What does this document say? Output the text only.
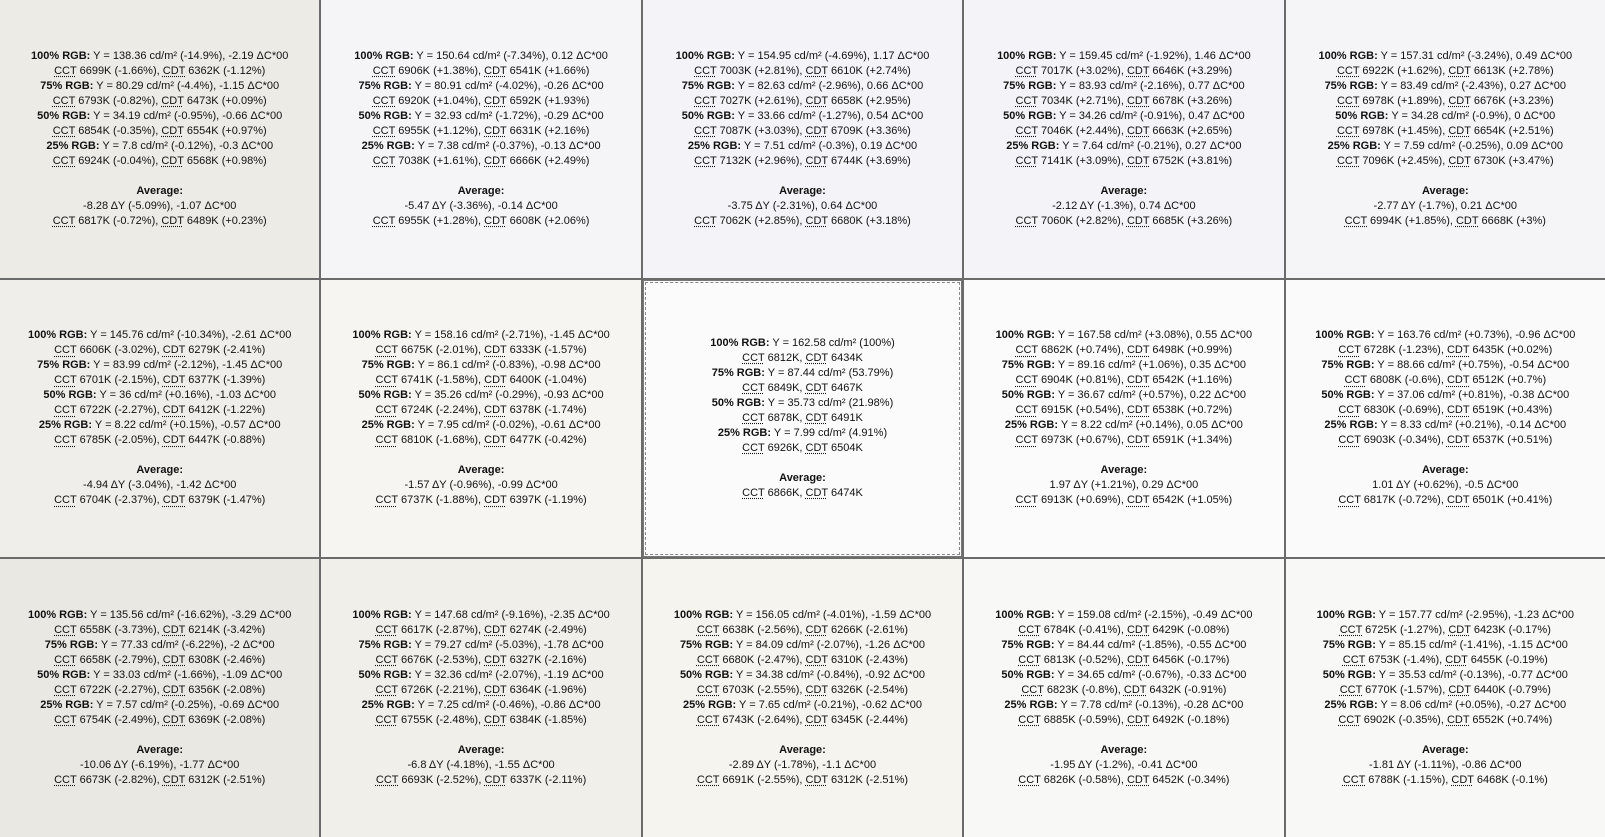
100% RGB: Y = 138.36 cd/m² (-14.9%), -2.19 ΔC*00
CCT 6699K (-1.66%), CDT 6362K (-1.12%)
75% RGB: Y = 80.29 cd/m² (-4.4%), -1.15 ΔC*00
CCT 6793K (-0.82%), CDT 6473K (+0.09%)
50% RGB: Y = 34.19 cd/m² (-0.95%), -0.66 ΔC*00
CCT 6854K (-0.35%), CDT 6554K (+0.97%)
25% RGB: Y = 7.8 cd/m² (-0.12%), -0.3 ΔC*00
CCT 6924K (-0.04%), CDT 6568K (+0.98%)
Average:
-8.28 ΔY (-5.09%), -1.07 ΔC*00
CCT 6817K (-0.72%), CDT 6489K (+0.23%)
100% RGB: Y = 150.64 cd/m² (-7.34%), 0.12 ΔC*00
CCT 6906K (+1.38%), CDT 6541K (+1.66%)
75% RGB: Y = 80.91 cd/m² (-4.02%), -0.26 ΔC*00
CCT 6920K (+1.04%), CDT 6592K (+1.93%)
50% RGB: Y = 32.93 cd/m² (-1.72%), -0.29 ΔC*00
CCT 6955K (+1.12%), CDT 6631K (+2.16%)
25% RGB: Y = 7.38 cd/m² (-0.37%), -0.13 ΔC*00
CCT 7038K (+1.61%), CDT 6666K (+2.49%)
Average:
-5.47 ΔY (-3.36%), -0.14 ΔC*00
CCT 6955K (+1.28%), CDT 6608K (+2.06%)
100% RGB: Y = 154.95 cd/m² (-4.69%), 1.17 ΔC*00
CCT 7003K (+2.81%), CDT 6610K (+2.74%)
75% RGB: Y = 82.63 cd/m² (-2.96%), 0.66 ΔC*00
CCT 7027K (+2.61%), CDT 6658K (+2.95%)
50% RGB: Y = 33.66 cd/m² (-1.27%), 0.54 ΔC*00
CCT 7087K (+3.03%), CDT 6709K (+3.36%)
25% RGB: Y = 7.51 cd/m² (-0.3%), 0.19 ΔC*00
CCT 7132K (+2.96%), CDT 6744K (+3.69%)
Average:
-3.75 ΔY (-2.31%), 0.64 ΔC*00
CCT 7062K (+2.85%), CDT 6680K (+3.18%)
100% RGB: Y = 159.45 cd/m² (-1.92%), 1.46 ΔC*00
CCT 7017K (+3.02%), CDT 6646K (+3.29%)
75% RGB: Y = 83.93 cd/m² (-2.16%), 0.77 ΔC*00
CCT 7034K (+2.71%), CDT 6678K (+3.26%)
50% RGB: Y = 34.26 cd/m² (-0.91%), 0.47 ΔC*00
CCT 7046K (+2.44%), CDT 6663K (+2.65%)
25% RGB: Y = 7.64 cd/m² (-0.21%), 0.27 ΔC*00
CCT 7141K (+3.09%), CDT 6752K (+3.81%)
Average:
-2.12 ΔY (-1.3%), 0.74 ΔC*00
CCT 7060K (+2.82%), CDT 6685K (+3.26%)
100% RGB: Y = 157.31 cd/m² (-3.24%), 0.49 ΔC*00
CCT 6922K (+1.62%), CDT 6613K (+2.78%)
75% RGB: Y = 83.49 cd/m² (-2.43%), 0.27 ΔC*00
CCT 6978K (+1.89%), CDT 6676K (+3.23%)
50% RGB: Y = 34.28 cd/m² (-0.9%), 0 ΔC*00
CCT 6978K (+1.45%), CDT 6654K (+2.51%)
25% RGB: Y = 7.59 cd/m² (-0.25%), 0.09 ΔC*00
CCT 7096K (+2.45%), CDT 6730K (+3.47%)
Average:
-2.77 ΔY (-1.7%), 0.21 ΔC*00
CCT 6994K (+1.85%), CDT 6668K (+3%)
100% RGB: Y = 145.76 cd/m² (-10.34%), -2.61 ΔC*00
CCT 6606K (-3.02%), CDT 6279K (-2.41%)
75% RGB: Y = 83.99 cd/m² (-2.12%), -1.45 ΔC*00
CCT 6701K (-2.15%), CDT 6377K (-1.39%)
50% RGB: Y = 36 cd/m² (+0.16%), -1.03 ΔC*00
CCT 6722K (-2.27%), CDT 6412K (-1.22%)
25% RGB: Y = 8.22 cd/m² (+0.15%), -0.57 ΔC*00
CCT 6785K (-2.05%), CDT 6447K (-0.88%)
Average:
-4.94 ΔY (-3.04%), -1.42 ΔC*00
CCT 6704K (-2.37%), CDT 6379K (-1.47%)
100% RGB: Y = 158.16 cd/m² (-2.71%), -1.45 ΔC*00
CCT 6675K (-2.01%), CDT 6333K (-1.57%)
75% RGB: Y = 86.1 cd/m² (-0.83%), -0.98 ΔC*00
CCT 6741K (-1.58%), CDT 6400K (-1.04%)
50% RGB: Y = 35.26 cd/m² (-0.29%), -0.93 ΔC*00
CCT 6724K (-2.24%), CDT 6378K (-1.74%)
25% RGB: Y = 7.95 cd/m² (-0.02%), -0.61 ΔC*00
CCT 6810K (-1.68%), CDT 6477K (-0.42%)
Average:
-1.57 ΔY (-0.96%), -0.99 ΔC*00
CCT 6737K (-1.88%), CDT 6397K (-1.19%)
100% RGB: Y = 162.58 cd/m² (100%)
CCT 6812K, CDT 6434K
75% RGB: Y = 87.44 cd/m² (53.79%)
CCT 6849K, CDT 6467K
50% RGB: Y = 35.73 cd/m² (21.98%)
CCT 6878K, CDT 6491K
25% RGB: Y = 7.99 cd/m² (4.91%)
CCT 6926K, CDT 6504K
Average:
CCT 6866K, CDT 6474K
100% RGB: Y = 167.58 cd/m² (+3.08%), 0.55 ΔC*00
CCT 6862K (+0.74%), CDT 6498K (+0.99%)
75% RGB: Y = 89.16 cd/m² (+1.06%), 0.35 ΔC*00
CCT 6904K (+0.81%), CDT 6542K (+1.16%)
50% RGB: Y = 36.67 cd/m² (+0.57%), 0.22 ΔC*00
CCT 6915K (+0.54%), CDT 6538K (+0.72%)
25% RGB: Y = 8.22 cd/m² (+0.14%), 0.05 ΔC*00
CCT 6973K (+0.67%), CDT 6591K (+1.34%)
Average:
1.97 ΔY (+1.21%), 0.29 ΔC*00
CCT 6913K (+0.69%), CDT 6542K (+1.05%)
100% RGB: Y = 163.76 cd/m² (+0.73%), -0.96 ΔC*00
CCT 6728K (-1.23%), CDT 6435K (+0.02%)
75% RGB: Y = 88.66 cd/m² (+0.75%), -0.54 ΔC*00
CCT 6808K (-0.6%), CDT 6512K (+0.7%)
50% RGB: Y = 37.06 cd/m² (+0.81%), -0.38 ΔC*00
CCT 6830K (-0.69%), CDT 6519K (+0.43%)
25% RGB: Y = 8.33 cd/m² (+0.21%), -0.14 ΔC*00
CCT 6903K (-0.34%), CDT 6537K (+0.51%)
Average:
1.01 ΔY (+0.62%), -0.5 ΔC*00
CCT 6817K (-0.72%), CDT 6501K (+0.41%)
100% RGB: Y = 135.56 cd/m² (-16.62%), -3.29 ΔC*00
CCT 6558K (-3.73%), CDT 6214K (-3.42%)
75% RGB: Y = 77.33 cd/m² (-6.22%), -2 ΔC*00
CCT 6658K (-2.79%), CDT 6308K (-2.46%)
50% RGB: Y = 33.03 cd/m² (-1.66%), -1.09 ΔC*00
CCT 6722K (-2.27%), CDT 6356K (-2.08%)
25% RGB: Y = 7.57 cd/m² (-0.25%), -0.69 ΔC*00
CCT 6754K (-2.49%), CDT 6369K (-2.08%)
Average:
-10.06 ΔY (-6.19%), -1.77 ΔC*00
CCT 6673K (-2.82%), CDT 6312K (-2.51%)
100% RGB: Y = 147.68 cd/m² (-9.16%), -2.35 ΔC*00
CCT 6617K (-2.87%), CDT 6274K (-2.49%)
75% RGB: Y = 79.27 cd/m² (-5.03%), -1.78 ΔC*00
CCT 6676K (-2.53%), CDT 6327K (-2.16%)
50% RGB: Y = 32.36 cd/m² (-2.07%), -1.19 ΔC*00
CCT 6726K (-2.21%), CDT 6364K (-1.96%)
25% RGB: Y = 7.25 cd/m² (-0.46%), -0.86 ΔC*00
CCT 6755K (-2.48%), CDT 6384K (-1.85%)
Average:
-6.8 ΔY (-4.18%), -1.55 ΔC*00
CCT 6693K (-2.52%), CDT 6337K (-2.11%)
100% RGB: Y = 156.05 cd/m² (-4.01%), -1.59 ΔC*00
CCT 6638K (-2.56%), CDT 6266K (-2.61%)
75% RGB: Y = 84.09 cd/m² (-2.07%), -1.26 ΔC*00
CCT 6680K (-2.47%), CDT 6310K (-2.43%)
50% RGB: Y = 34.38 cd/m² (-0.84%), -0.92 ΔC*00
CCT 6703K (-2.55%), CDT 6326K (-2.54%)
25% RGB: Y = 7.65 cd/m² (-0.21%), -0.62 ΔC*00
CCT 6743K (-2.64%), CDT 6345K (-2.44%)
Average:
-2.89 ΔY (-1.78%), -1.1 ΔC*00
CCT 6691K (-2.55%), CDT 6312K (-2.51%)
100% RGB: Y = 159.08 cd/m² (-2.15%), -0.49 ΔC*00
CCT 6784K (-0.41%), CDT 6429K (-0.08%)
75% RGB: Y = 84.44 cd/m² (-1.85%), -0.55 ΔC*00
CCT 6813K (-0.52%), CDT 6456K (-0.17%)
50% RGB: Y = 34.65 cd/m² (-0.67%), -0.33 ΔC*00
CCT 6823K (-0.8%), CDT 6432K (-0.91%)
25% RGB: Y = 7.78 cd/m² (-0.13%), -0.28 ΔC*00
CCT 6885K (-0.59%), CDT 6492K (-0.18%)
Average:
-1.95 ΔY (-1.2%), -0.41 ΔC*00
CCT 6826K (-0.58%), CDT 6452K (-0.34%)
100% RGB: Y = 157.77 cd/m² (-2.95%), -1.23 ΔC*00
CCT 6725K (-1.27%), CDT 6423K (-0.17%)
75% RGB: Y = 85.15 cd/m² (-1.41%), -1.15 ΔC*00
CCT 6753K (-1.4%), CDT 6455K (-0.19%)
50% RGB: Y = 35.53 cd/m² (-0.13%), -0.77 ΔC*00
CCT 6770K (-1.57%), CDT 6440K (-0.79%)
25% RGB: Y = 8.06 cd/m² (+0.05%), -0.27 ΔC*00
CCT 6902K (-0.35%), CDT 6552K (+0.74%)
Average:
-1.81 ΔY (-1.11%), -0.86 ΔC*00
CCT 6788K (-1.15%), CDT 6468K (-0.1%)
